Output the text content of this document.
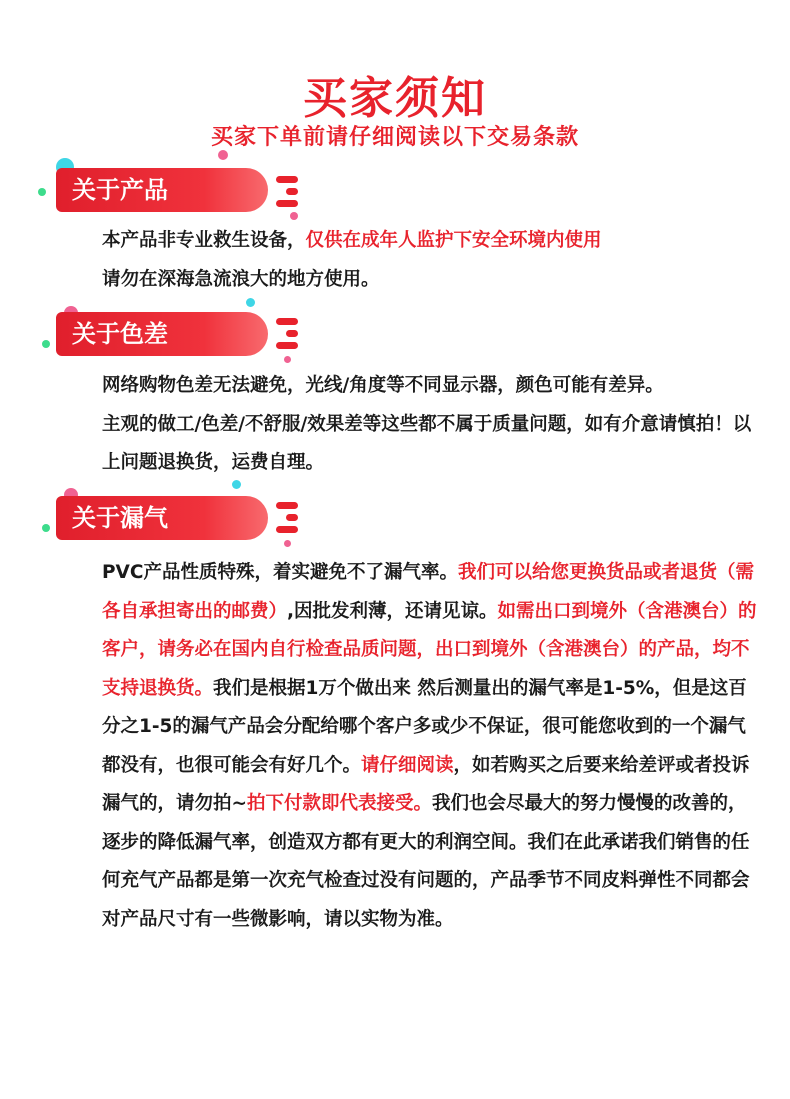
买家须知
买家下单前请仔细阅读以下交易条款
关于产品
本产品非专业救生设备，仅供在成年人监护下安全环境内使用
请勿在深海急流浪大的地方使用。
关于色差
网络购物色差无法避免，光线/角度等不同显示器，颜色可能有差异。
主观的做工/色差/不舒服/效果差等这些都不属于质量问题，如有介意请慎拍！以上问题退换货，运费自理。
关于漏气
PVC产品性质特殊，着实避免不了漏气率。我们可以给您更换货品或者退货（需各自承担寄出的邮费）,因批发利薄，还请见谅。如需出口到境外（含港澳台）的客户，请务必在国内自行检查品质问题，出口到境外（含港澳台）的产品，均不支持退换货。我们是根据1万个做出来 然后测量出的漏气率是1-5%，但是这百分之1-5的漏气产品会分配给哪个客户多或少不保证，很可能您收到的一个漏气都没有，也很可能会有好几个。请仔细阅读，如若购买之后要来给差评或者投诉漏气的，请勿拍~拍下付款即代表接受。我们也会尽最大的努力慢慢的改善的，逐步的降低漏气率，创造双方都有更大的利润空间。我们在此承诺我们销售的任何充气产品都是第一次充气检查过没有问题的，产品季节不同皮料弹性不同都会对产品尺寸有一些微影响，请以实物为准。
